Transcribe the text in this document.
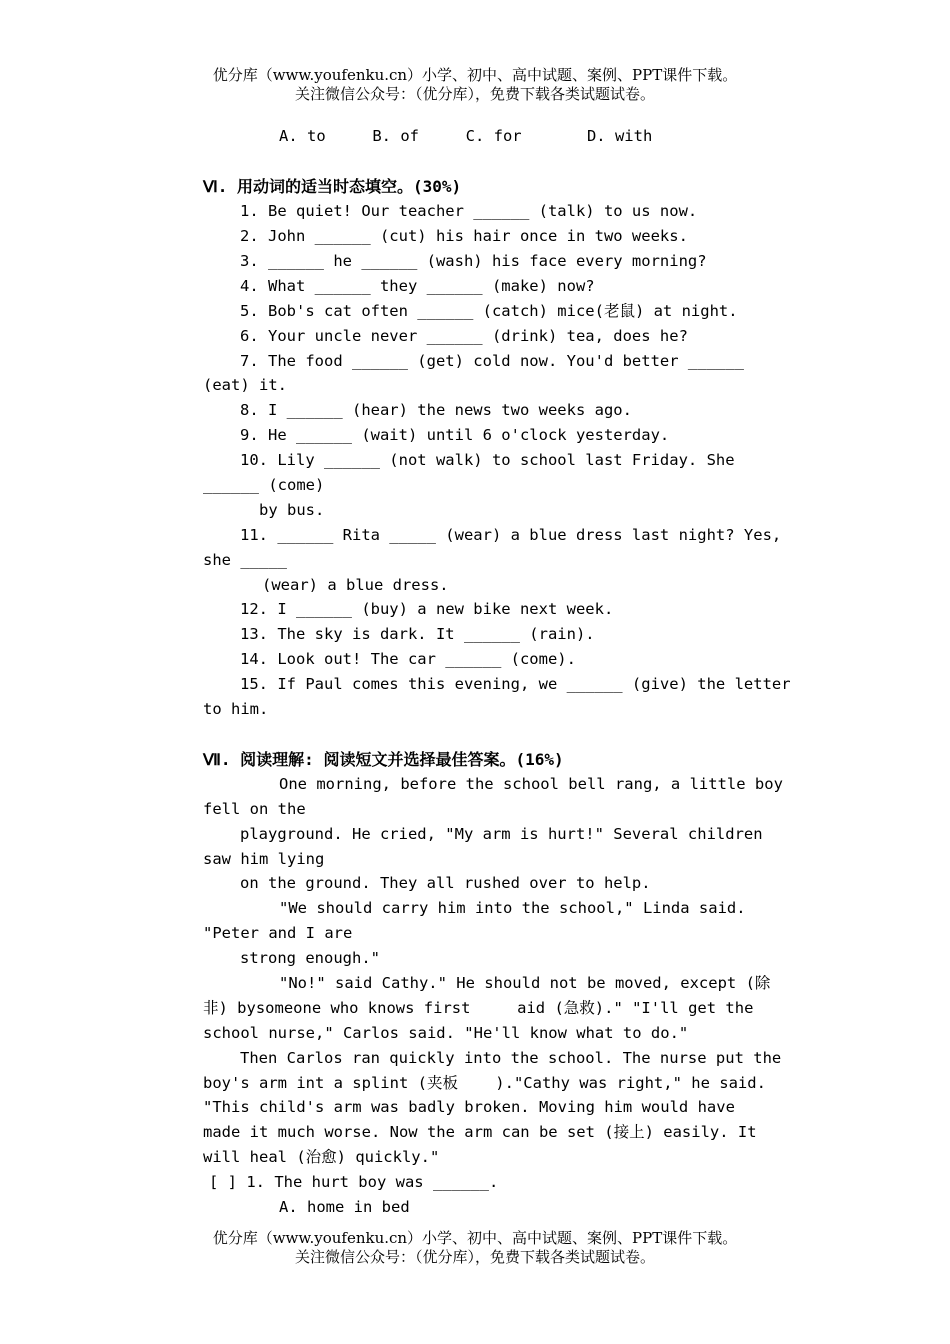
优分库（www.youfenku.cn）小学、初中、高中试题、案例、PPT课件下载。
关注微信公众号：（优分库），免费下载各类试题试卷。
A. to     B. of     C. for       D. with
Ⅵ. 用动词的适当时态填空。(30%)
1. Be quiet! Our teacher ______ (talk) to us now.
2. John ______ (cut) his hair once in two weeks.
3. ______ he ______ (wash) his face every morning?
4. What ______ they ______ (make) now?
5. Bob's cat often ______ (catch) mice(老鼠) at night.
6. Your uncle never ______ (drink) tea, does he?
7. The food ______ (get) cold now. You'd better ______
(eat) it.
8. I ______ (hear) the news two weeks ago.
9. He ______ (wait) until 6 o'clock yesterday.
10. Lily ______ (not walk) to school last Friday. She
______ (come)
by bus.
11. ______ Rita _____ (wear) a blue dress last night? Yes,
she _____
(wear) a blue dress.
12. I ______ (buy) a new bike next week.
13. The sky is dark. It ______ (rain).
14. Look out! The car ______ (come).
15. If Paul comes this evening, we ______ (give) the letter
to him.
Ⅶ. 阅读理解: 阅读短文并选择最佳答案。(16%)
One morning, before the school bell rang, a little boy
fell on the
playground. He cried, "My arm is hurt!" Several children
saw him lying
on the ground. They all rushed over to help.
"We should carry him into the school," Linda said.
"Peter and I are
strong enough."
"No!" said Cathy." He should not be moved, except (除
非) bysomeone who knows first     aid (急救)." "I'll get the
school nurse," Carlos said. "He'll know what to do."
Then Carlos ran quickly into the school. The nurse put the
boy's arm int a splint (夹板    )."Cathy was right," he said.
"This child's arm was badly broken. Moving him would have
made it much worse. Now the arm can be set (接上) easily. It
will heal (治愈) quickly."
[ ] 1. The hurt boy was ______.
A. home in bed
优分库（www.youfenku.cn）小学、初中、高中试题、案例、PPT课件下载。
关注微信公众号：（优分库），免费下载各类试题试卷。
